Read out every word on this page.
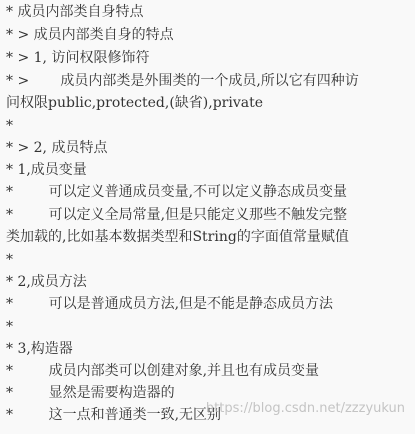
* 成员内部类自身特点
* > 成员内部类自身的特点
* > 1, 访问权限修饰符
* >       成员内部类是外围类的一个成员,所以它有四种访
问权限public,protected,(缺省),private
*
* > 2, 成员特点
* 1,成员变量
*        可以定义普通成员变量,不可以定义静态成员变量
*        可以定义全局常量,但是只能定义那些不触发完整
类加载的,比如基本数据类型和String的字面值常量赋值
*
* 2,成员方法
*        可以是普通成员方法,但是不能是静态成员方法
*
* 3,构造器
*        成员内部类可以创建对象,并且也有成员变量
*        显然是需要构造器的
*        这一点和普通类一致,无区别
https://blog.csdn.net/zzzyukun
